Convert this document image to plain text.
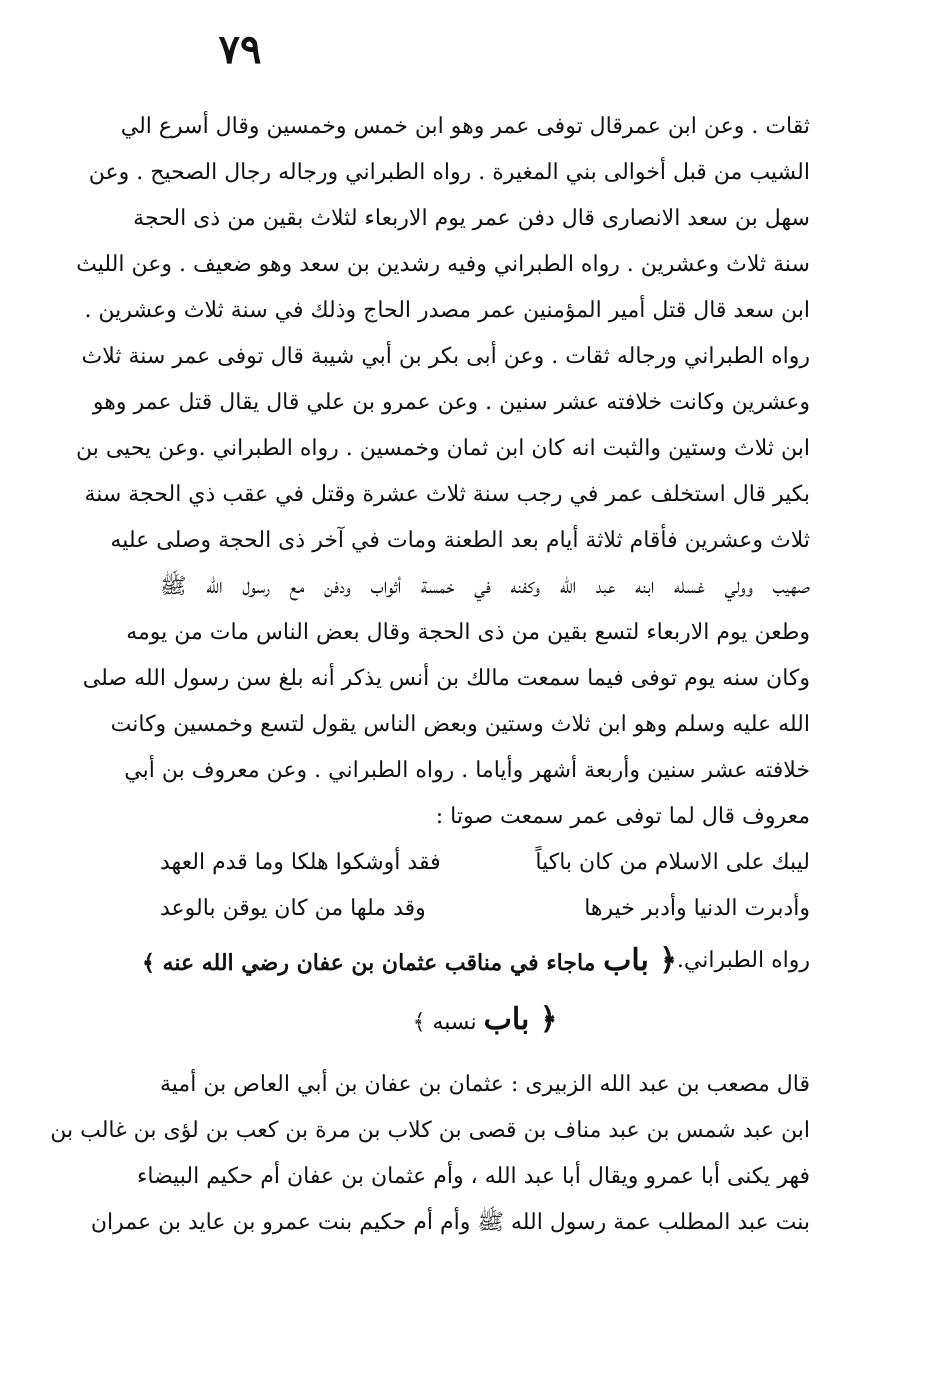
٧٩
ثقات . وعن ابن عمرقال توفى عمر وهو ابن خمس وخمسين وقال أسرع الي
الشيب من قبل أخوالى بني المغيرة . رواه الطبراني ورجاله رجال الصحيح . وعن
سهل بن سعد الانصارى قال دفن عمر يوم الاربعاء لثلاث بقين من ذى الحجة
سنة ثلاث وعشرين . رواه الطبراني وفيه رشدين بن سعد وهو ضعيف . وعن الليث
ابن سعد قال قتل أمير المؤمنين عمر مصدر الحاج وذلك في سنة ثلاث وعشرين .
رواه الطبراني ورجاله ثقات . وعن أبى بكر بن أبي شيبة قال توفى عمر سنة ثلاث
وعشرين وكانت خلافته عشر سنين . وعن عمرو بن علي قال يقال قتل عمر وهو
ابن ثلاث وستين والثبت انه كان ابن ثمان وخمسين . رواه الطبراني .وعن يحيى بن
بكير قال استخلف عمر في رجب سنة ثلاث عشرة وقتل في عقب ذي الحجة سنة
ثلاث وعشرين فأقام ثلاثة أيام بعد الطعنة ومات في آخر ذى الحجة وصلى عليه
صهيب وولي غسله ابنه عبد الله وكفنه في خمسة أثواب ودفن مع رسول الله ﷺ
وطعن يوم الاربعاء لتسع بقين من ذى الحجة وقال بعض الناس مات من يومه
وكان سنه يوم توفى فيما سمعت مالك بن أنس يذكر أنه بلغ سن رسول الله صلى
الله عليه وسلم وهو ابن ثلاث وستين وبعض الناس يقول لتسع وخمسين وكانت
خلافته عشر سنين وأربعة أشهر وأياما . رواه الطبراني . وعن معروف بن أبي
معروف قال لما توفى عمر سمعت صوتا :
ليبك على الاسلام من كان باكياً
فقد أوشكوا هلكا وما قدم العهد
وأدبرت الدنيا وأدبر خيرها
وقد ملها من كان يوقن بالوعد
رواه الطبراني.
﴿ باب ماجاء في مناقب عثمان بن عفان رضي الله عنه ﴾
﴿ باب نسبه ﴾
قال مصعب بن عبد الله الزبيرى : عثمان بن عفان بن أبي العاص بن أمية
ابن عبد شمس بن عبد مناف بن قصى بن كلاب بن مرة بن كعب بن لؤى بن غالب بن
فهر يكنى أبا عمرو ويقال أبا عبد الله ، وأم عثمان بن عفان أم حكيم البيضاء
بنت عبد المطلب عمة رسول الله ﷺ وأم أم حكيم بنت عمرو بن عايد بن عمران
